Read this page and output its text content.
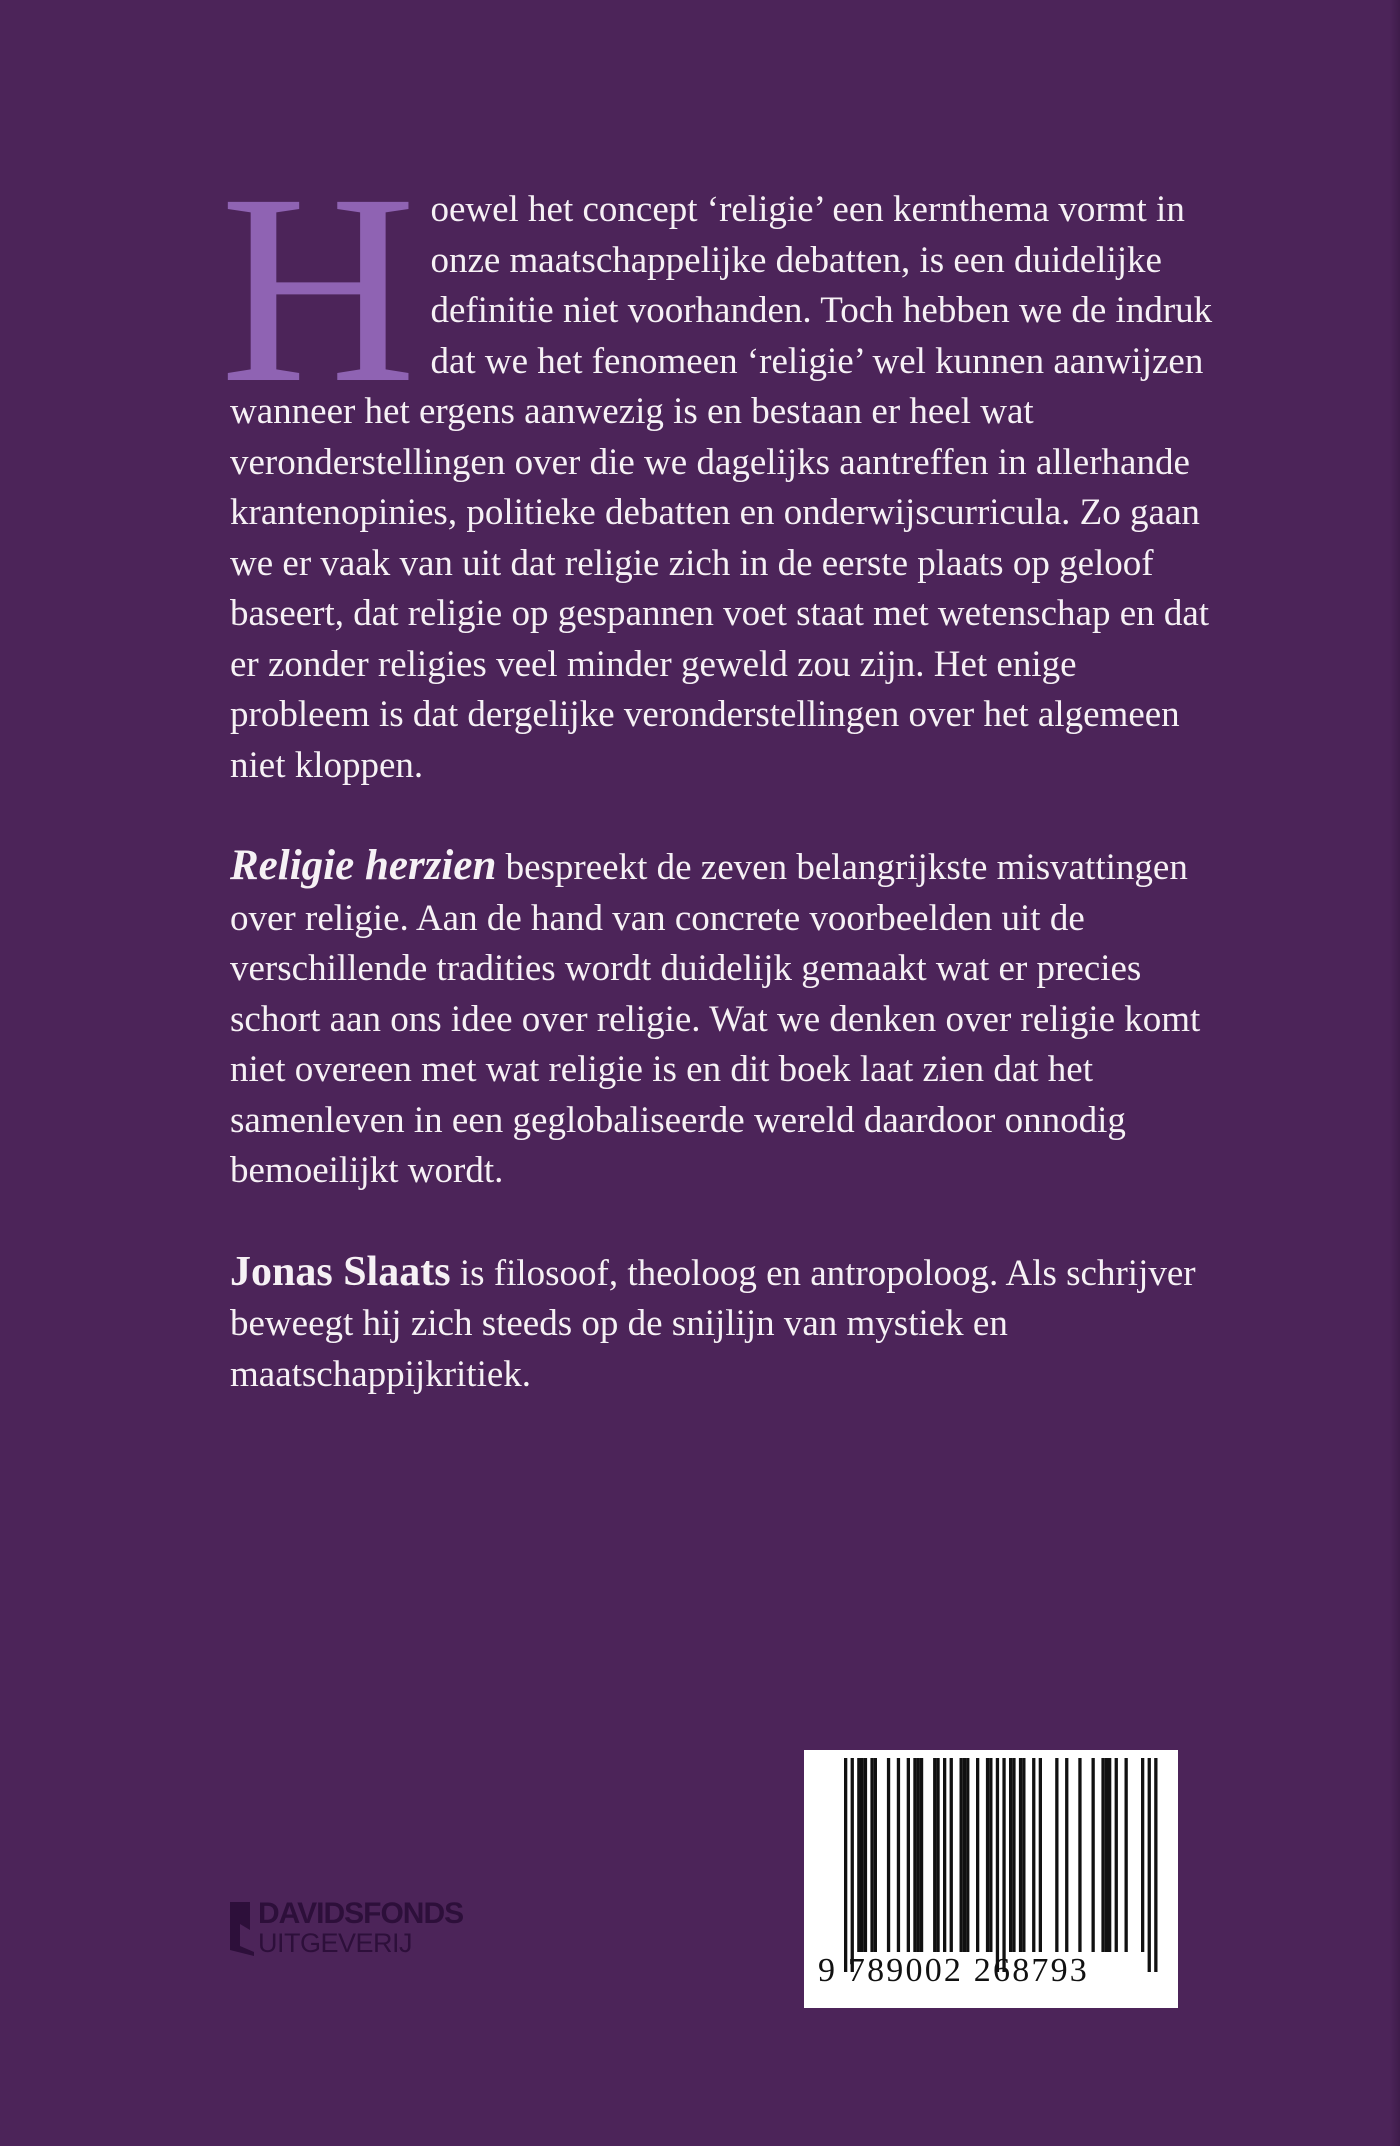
Hoewel het concept ‘religie’ een kernthema vormt in onze maatschappelijke debatten, is een duidelijke definitie niet voorhanden. Toch hebben we de indruk dat we het fenomeen ‘religie’ wel kunnen aanwijzen wanneer het ergens aanwezig is en bestaan er heel wat veronderstellingen over die we dagelijks aantreffen in allerhande krantenopinies, politieke debatten en onderwijscurricula. Zo gaan we er vaak van uit dat religie zich in de eerste plaats op geloof baseert, dat religie op gespannen voet staat met wetenschap en dat er zonder religies veel minder geweld zou zijn. Het enige probleem is dat dergelijke veronderstellingen over het algemeen niet kloppen.

Religie herzien bespreekt de zeven belangrijkste misvattingen over religie. Aan de hand van concrete voorbeelden uit de verschillende tradities wordt duidelijk gemaakt wat er precies schort aan ons idee over religie. Wat we denken over religie komt niet overeen met wat religie is en dit boek laat zien dat het samenleven in een geglobaliseerde wereld daardoor onnodig bemoeilijkt wordt.

Jonas Slaats is filosoof, theoloog en antropoloog. Als schrijver beweegt hij zich steeds op de snijlijn van mystiek en maatschappijkritiek.

DAVIDSFONDS
UITGEVERIJ
9 789002 268793
